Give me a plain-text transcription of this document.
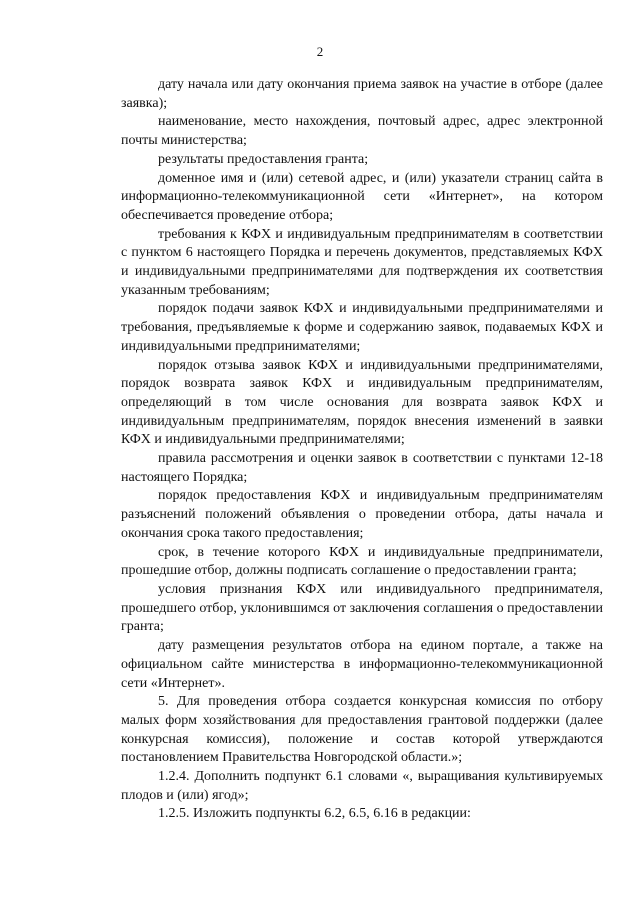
2

дату начала или дату окончания приема заявок на участие в отборе (далее заявка);

наименование, место нахождения, почтовый адрес, адрес электронной почты министерства;

результаты предоставления гранта;

доменное имя и (или) сетевой адрес, и (или) указатели страниц сайта в информационно-телекоммуникационной сети «Интернет», на котором обеспечивается проведение отбора;

требования к КФХ и индивидуальным предпринимателям в соответствии с пунктом 6 настоящего Порядка и перечень документов, представляемых КФХ и индивидуальными предпринимателями для подтверждения их соответствия указанным требованиям;

порядок подачи заявок КФХ и индивидуальными предпринимателями и требования, предъявляемые к форме и содержанию заявок, подаваемых КФХ и индивидуальными предпринимателями;

порядок отзыва заявок КФХ и индивидуальными предпринимателями, порядок возврата заявок КФХ и индивидуальным предпринимателям, определяющий в том числе основания для возврата заявок КФХ и индивидуальным предпринимателям, порядок внесения изменений в заявки КФХ и индивидуальными предпринимателями;

правила рассмотрения и оценки заявок в соответствии с пунктами 12-18 настоящего Порядка;

порядок предоставления КФХ и индивидуальным предпринимателям разъяснений положений объявления о проведении отбора, даты начала и окончания срока такого предоставления;

срок, в течение которого КФХ и индивидуальные предприниматели, прошедшие отбор, должны подписать соглашение о предоставлении гранта;

условия признания КФХ или индивидуального предпринимателя, прошедшего отбор, уклонившимся от заключения соглашения о предоставлении гранта;

дату размещения результатов отбора на едином портале, а также на официальном сайте министерства в информационно-телекоммуникационной сети «Интернет».

5. Для проведения отбора создается конкурсная комиссия по отбору малых форм хозяйствования для предоставления грантовой поддержки (далее конкурсная комиссия), положение и состав которой утверждаются постановлением Правительства Новгородской области.»;

1.2.4. Дополнить подпункт 6.1 словами «, выращивания культивируемых плодов и (или) ягод»;

1.2.5. Изложить подпункты 6.2, 6.5, 6.16 в редакции:
